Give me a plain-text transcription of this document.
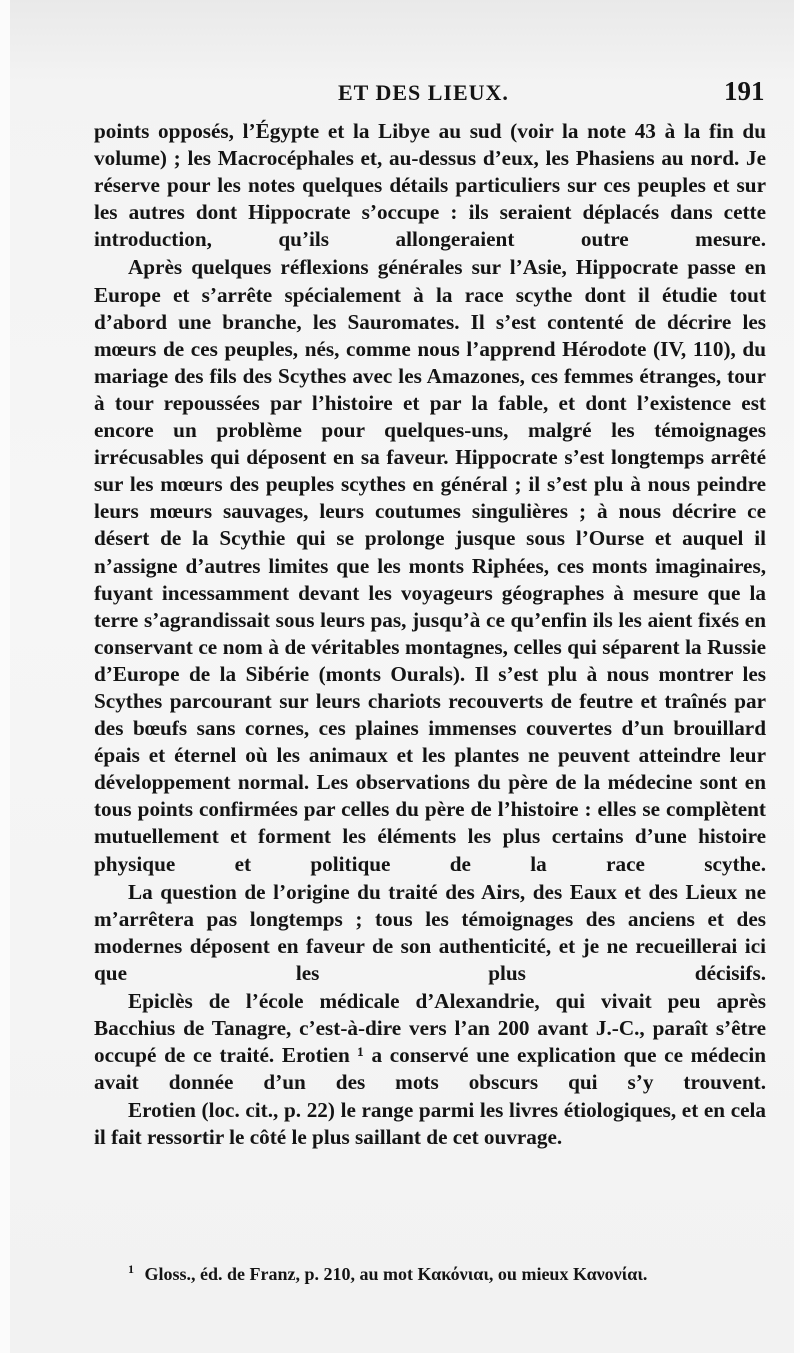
ET DES LIEUX.	191

points opposés, l’Égypte et la Libye au sud (voir la note 43 à la fin du volume) ; les Macrocéphales et, au-dessus d’eux, les Phasiens au nord. Je réserve pour les notes quelques détails particuliers sur ces peuples et sur les autres dont Hippocrate s’occupe : ils seraient déplacés dans cette introduction, qu’ils allongeraient outre mesure.

Après quelques réflexions générales sur l’Asie, Hippocrate passe en Europe et s’arrête spécialement à la race scythe dont il étudie tout d’abord une branche, les Sauromates. Il s’est contenté de décrire les mœurs de ces peuples, nés, comme nous l’apprend Hérodote (IV, 110), du mariage des fils des Scythes avec les Amazones, ces femmes étranges, tour à tour repoussées par l’histoire et par la fable, et dont l’existence est encore un problème pour quelques-uns, malgré les témoignages irrécusables qui déposent en sa faveur. Hippocrate s’est longtemps arrêté sur les mœurs des peuples scythes en général ; il s’est plu à nous peindre leurs mœurs sauvages, leurs coutumes singulières ; à nous décrire ce désert de la Scythie qui se prolonge jusque sous l’Ourse et auquel il n’assigne d’autres limites que les monts Riphées, ces monts imaginaires, fuyant incessamment devant les voyageurs géographes à mesure que la terre s’agrandissait sous leurs pas, jusqu’à ce qu’enfin ils les aient fixés en conservant ce nom à de véritables montagnes, celles qui séparent la Russie d’Europe de la Sibérie (monts Ourals). Il s’est plu à nous montrer les Scythes parcourant sur leurs chariots recouverts de feutre et traînés par des bœufs sans cornes, ces plaines immenses couvertes d’un brouillard épais et éternel où les animaux et les plantes ne peuvent atteindre leur développement normal. Les observations du père de la médecine sont en tous points confirmées par celles du père de l’histoire : elles se complètent mutuellement et forment les éléments les plus certains d’une histoire physique et politique de la race scythe.

La question de l’origine du traité des Airs, des Eaux et des Lieux ne m’arrêtera pas longtemps ; tous les témoignages des anciens et des modernes déposent en faveur de son authenticité, et je ne recueillerai ici que les plus décisifs.

Epiclès de l’école médicale d’Alexandrie, qui vivait peu après Bacchius de Tanagre, c’est-à-dire vers l’an 200 avant J.-C., paraît s’être occupé de ce traité. Erotien ¹ a conservé une explication que ce médecin avait donnée d’un des mots obscurs qui s’y trouvent.

Erotien (loc. cit., p. 22) le range parmi les livres étiologiques, et en cela il fait ressortir le côté le plus saillant de cet ouvrage.

$^1$ Gloss., éd. de Franz, p. 210, au mot Κακόνιαι, ou mieux Κανονίαι.
